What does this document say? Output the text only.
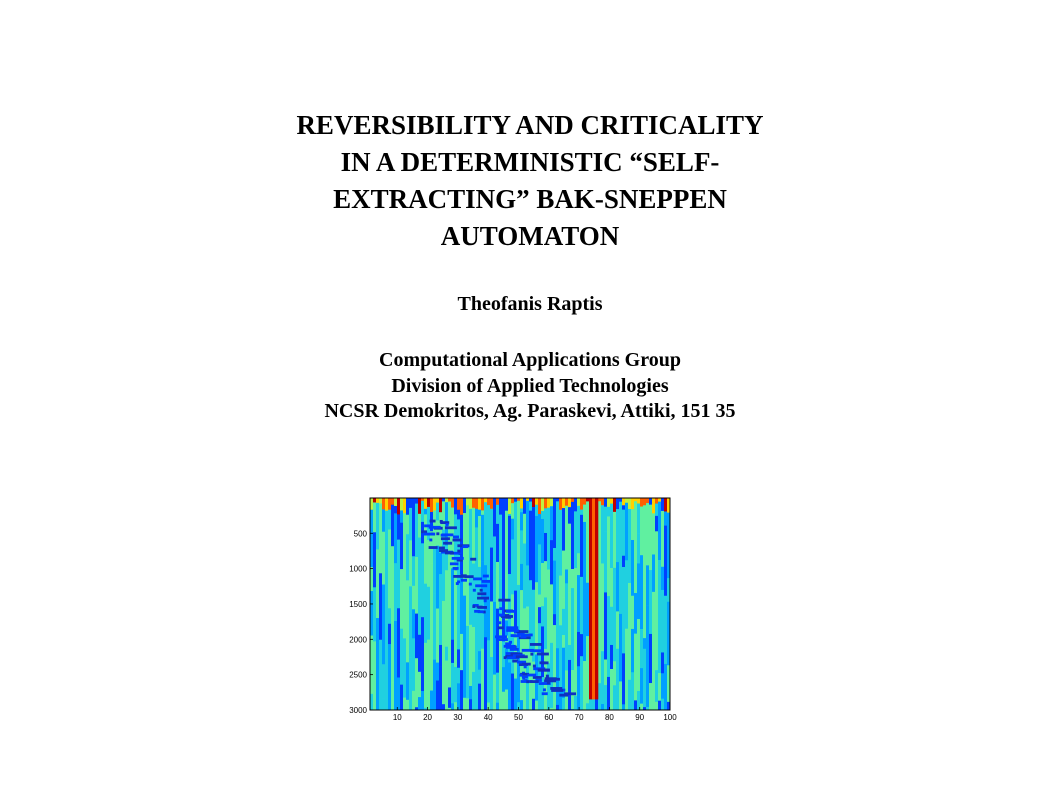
REVERSIBILITY AND CRITICALITY
IN A DETERMINISTIC “SELF-
EXTRACTING” BAK-SNEPPEN
AUTOMATON
Theofanis Raptis
Computational Applications Group
Division of Applied Technologies
NCSR Demokritos, Ag. Paraskevi, Attiki, 151 35
10	20	30	40	50	60	70	80	90 100
500
1000
1500
2000
2500
3000
